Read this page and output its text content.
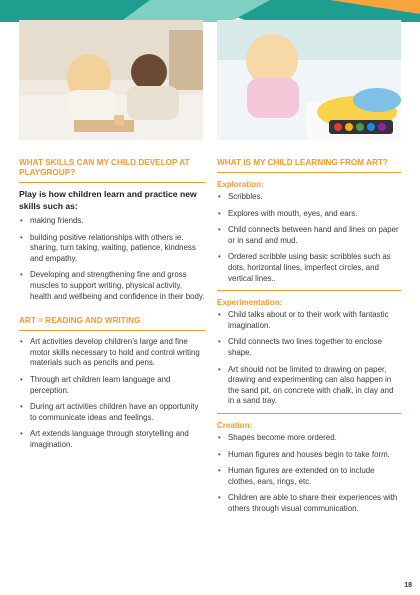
WHAT SKILLS CAN MY CHILD DEVELOP AT PLAYGROUP?

Play is how children learn and practice new skills such as:

• making friends.
• building positive relationships with others ie. sharing, turn taking, waiting, patience, kindness and empathy.
• Developing and strengthening fine and gross muscles to support writing, physical activity, health and wellbeing and confidence in their body.

ART = READING AND WRITING

• Art activities develop children’s large and fine motor skills necessary to hold and control writing materials such as pencils and pens.
• Through art children learn language and perception.
• During art activities children have an opportunity to communicate ideas and feelings.
• Art extends language through storytelling and imagination.

WHAT IS MY CHILD LEARNING FROM ART?

Exploration:

• Scribbles.
• Explores with mouth, eyes, and ears.
• Child connects between hand and lines on paper or in sand and mud.
• Ordered scribble using basic scribbles such as dots, horizontal lines, imperfect circles, and vertical lines..

Experimentation:

• Child talks about or to their work with fantastic imagination.
• Child connects two lines together to enclose shape.
• Art should not be limited to drawing on paper, drawing and experimenting can also happen in the sand pit, on concrete with chalk, in clay and in a sand tray.

Creation:

• Shapes become more ordered.
• Human figures and houses begin to take form.
• Human figures are extended on to include clothes, ears, rings, etc.
• Children are able to share their experiences with others through visual communication.
18
